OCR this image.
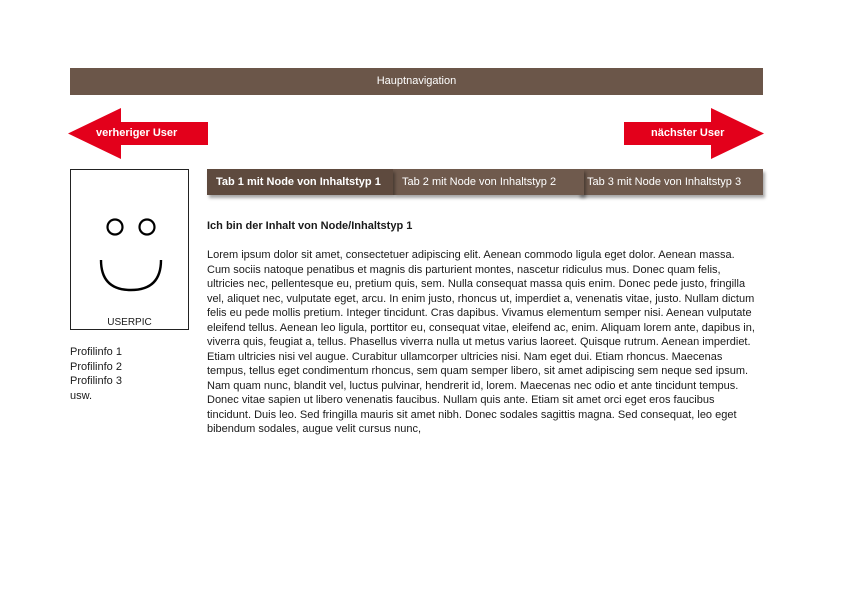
Hauptnavigation
verheriger User	nächster User
USERPIC
Profilinfo 1
Profilinfo 2
Profilinfo 3
usw.
Tab 3 mit Node von Inhaltstyp 3
Tab 2 mit Node von Inhaltstyp 2
Tab 1 mit Node von Inhaltstyp 1
Ich bin der Inhalt von Node/Inhaltstyp 1

Lorem ipsum dolor sit amet, consectetuer adipiscing elit. Aenean commodo ligula eget dolor. Aenean massa. Cum sociis natoque penatibus et magnis dis parturient montes, nascetur ridiculus mus. Donec quam felis, ultricies nec, pellentesque eu, pretium quis, sem. Nulla consequat massa quis enim. Donec pede justo, fringilla vel, aliquet nec, vulputate eget, arcu. In enim justo, rhoncus ut, imperdiet a, venenatis vitae, justo. Nullam dictum felis eu pede mollis pretium. Integer tincidunt. Cras dapibus. Vivamus elementum semper nisi. Aenean vulputate eleifend tellus. Aenean leo ligula, porttitor eu, consequat vitae, eleifend ac, enim. Aliquam lorem ante, dapibus in, viverra quis, feugiat a, tellus. Phasellus viverra nulla ut metus varius laoreet. Quisque rutrum. Aenean imperdiet. Etiam ultricies nisi vel augue. Curabitur ullamcorper ultricies nisi. Nam eget dui. Etiam rhoncus. Maecenas tempus, tellus eget condimentum rhoncus, sem quam semper libero, sit amet adipiscing sem neque sed ipsum. Nam quam nunc, blandit vel, luctus pulvinar, hendrerit id, lorem. Maecenas nec odio et ante tincidunt tempus. Donec vitae sapien ut libero venenatis faucibus. Nullam quis ante. Etiam sit amet orci eget eros faucibus tincidunt. Duis leo. Sed fringilla mauris sit amet nibh. Donec sodales sagittis magna. Sed consequat, leo eget bibendum sodales, augue velit cursus nunc,
